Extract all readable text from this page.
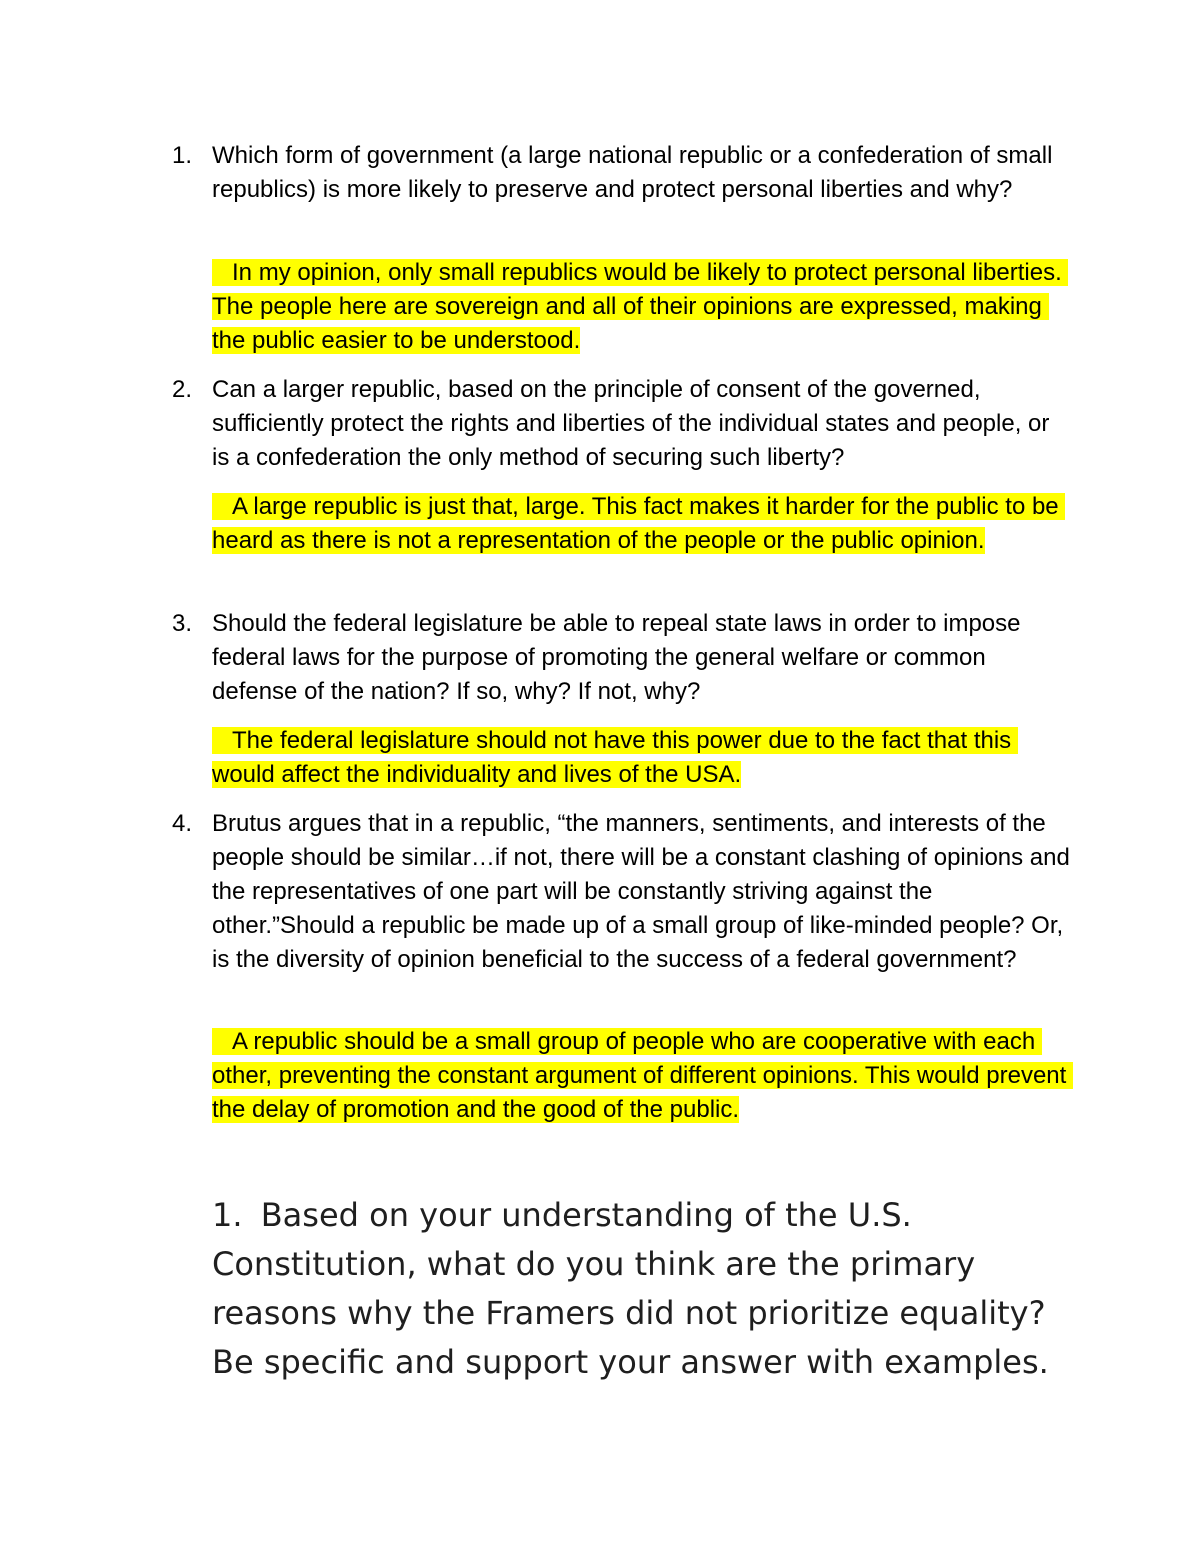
1. Which form of government (a large national republic or a confederation of small republics) is more likely to preserve and protect personal liberties and why?
In my opinion, only small republics would be likely to protect personal liberties. The people here are sovereign and all of their opinions are expressed, making the public easier to be understood.
2. Can a larger republic, based on the principle of consent of the governed, sufficiently protect the rights and liberties of the individual states and people, or is a confederation the only method of securing such liberty?
A large republic is just that, large. This fact makes it harder for the public to be heard as there is not a representation of the people or the public opinion.
3. Should the federal legislature be able to repeal state laws in order to impose federal laws for the purpose of promoting the general welfare or common defense of the nation? If so, why? If not, why?
The federal legislature should not have this power due to the fact that this would affect the individuality and lives of the USA.
4. Brutus argues that in a republic, “the manners, sentiments, and interests of the people should be similar…if not, there will be a constant clashing of opinions and the representatives of one part will be constantly striving against the other.”Should a republic be made up of a small group of like-minded people? Or, is the diversity of opinion beneficial to the success of a federal government?
A republic should be a small group of people who are cooperative with each other, preventing the constant argument of different opinions. This would prevent the delay of promotion and the good of the public.
1. Based on your understanding of the U.S. Constitution, what do you think are the primary reasons why the Framers did not prioritize equality? Be specific and support your answer with examples.
